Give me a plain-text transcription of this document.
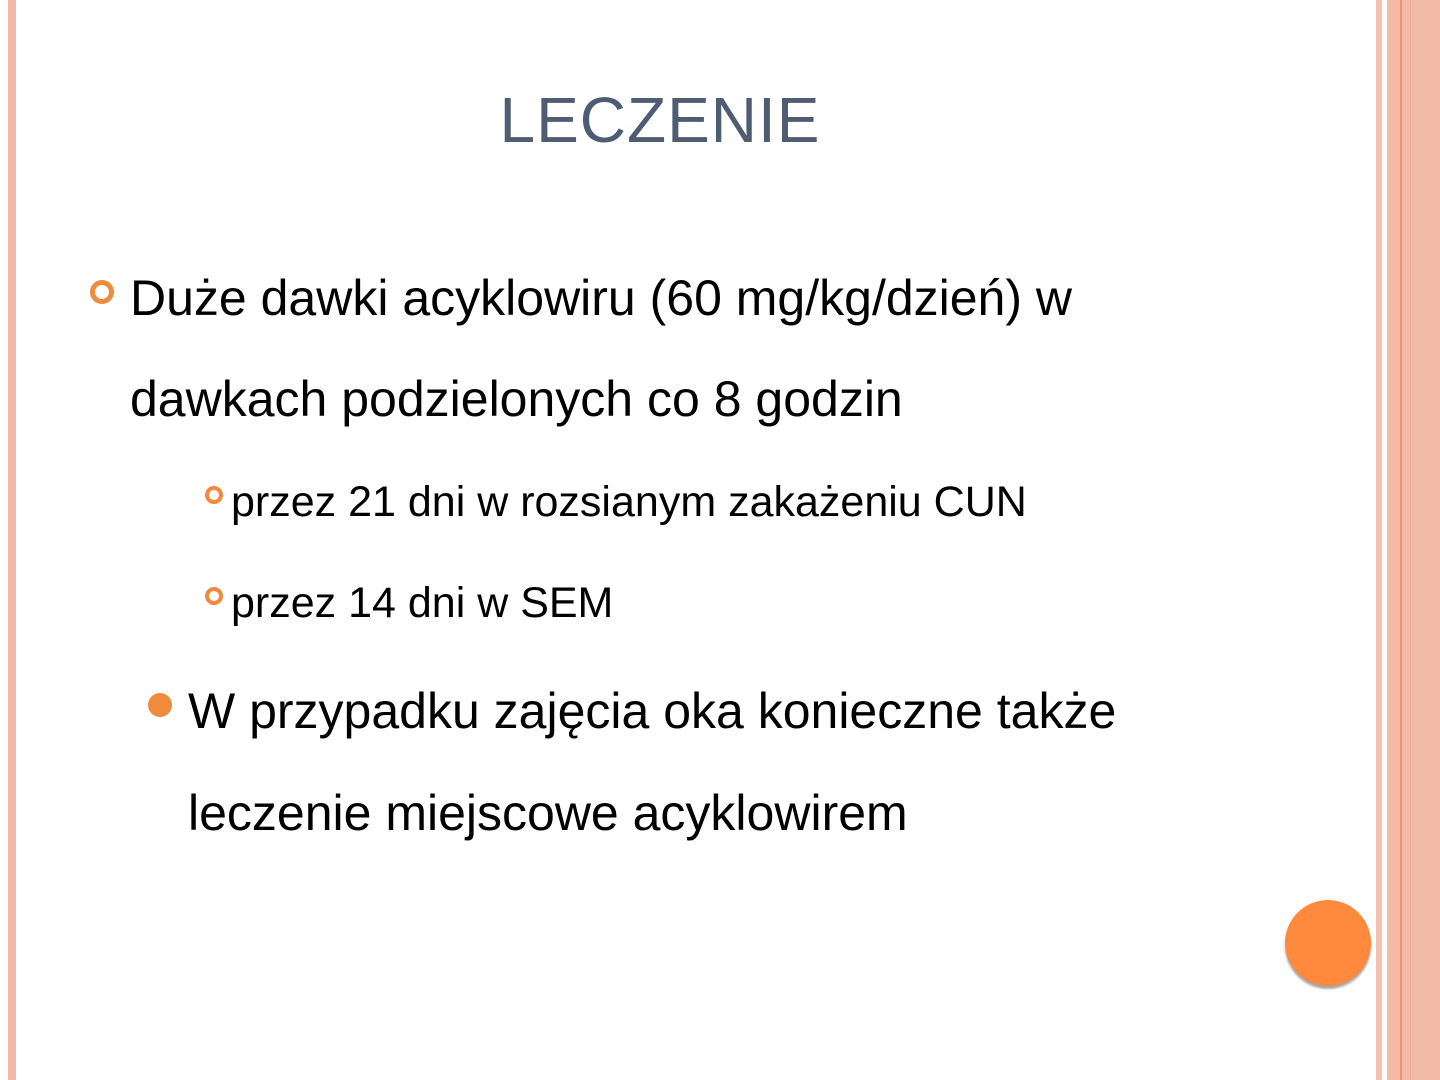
LECZENIE
Duże dawki acyklowiru (60 mg/kg/dzień) w
dawkach podzielonych co 8 godzin
przez 21 dni w rozsianym zakażeniu CUN
przez 14 dni w SEM
W przypadku zajęcia oka konieczne także
leczenie miejscowe acyklowirem
